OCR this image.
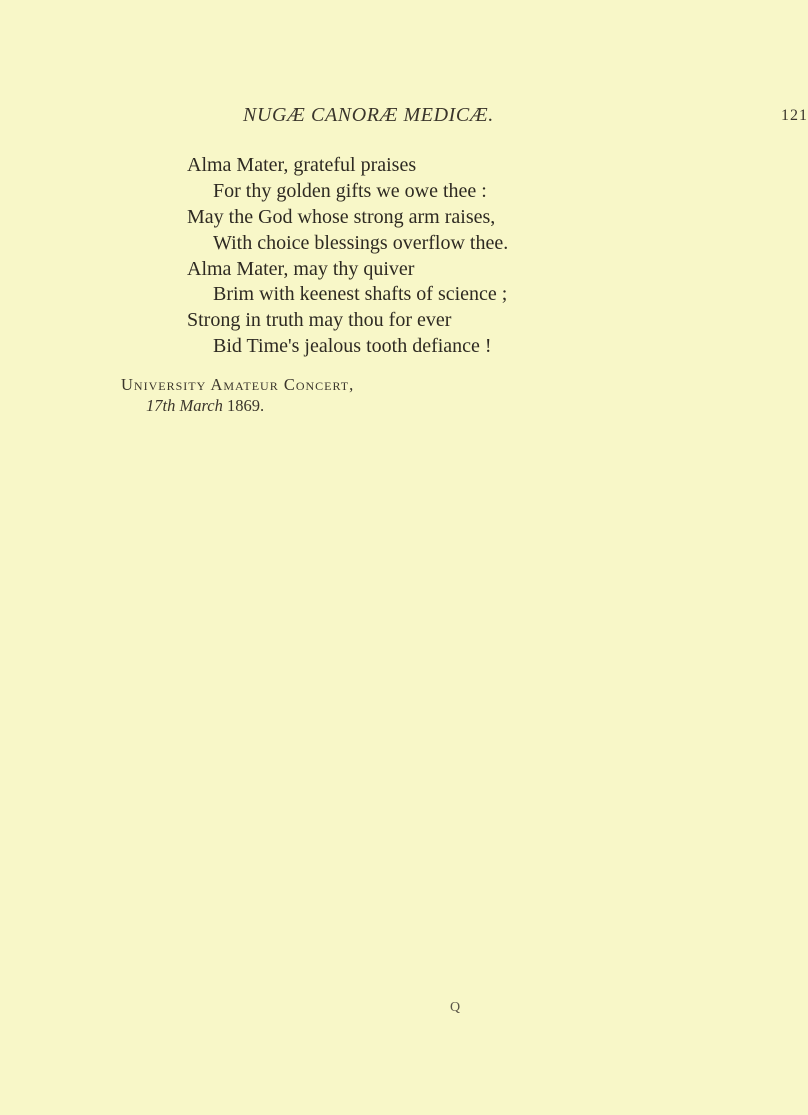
NUGÆ CANORÆ MEDICÆ.	121
Alma Mater, grateful praises
For thy golden gifts we owe thee :
May the God whose strong arm raises,
With choice blessings overflow thee.
Alma Mater, may thy quiver
Brim with keenest shafts of science ;
Strong in truth may thou for ever
Bid Time's jealous tooth defiance !
University Amateur Concert,
17th March 1869.
Q
